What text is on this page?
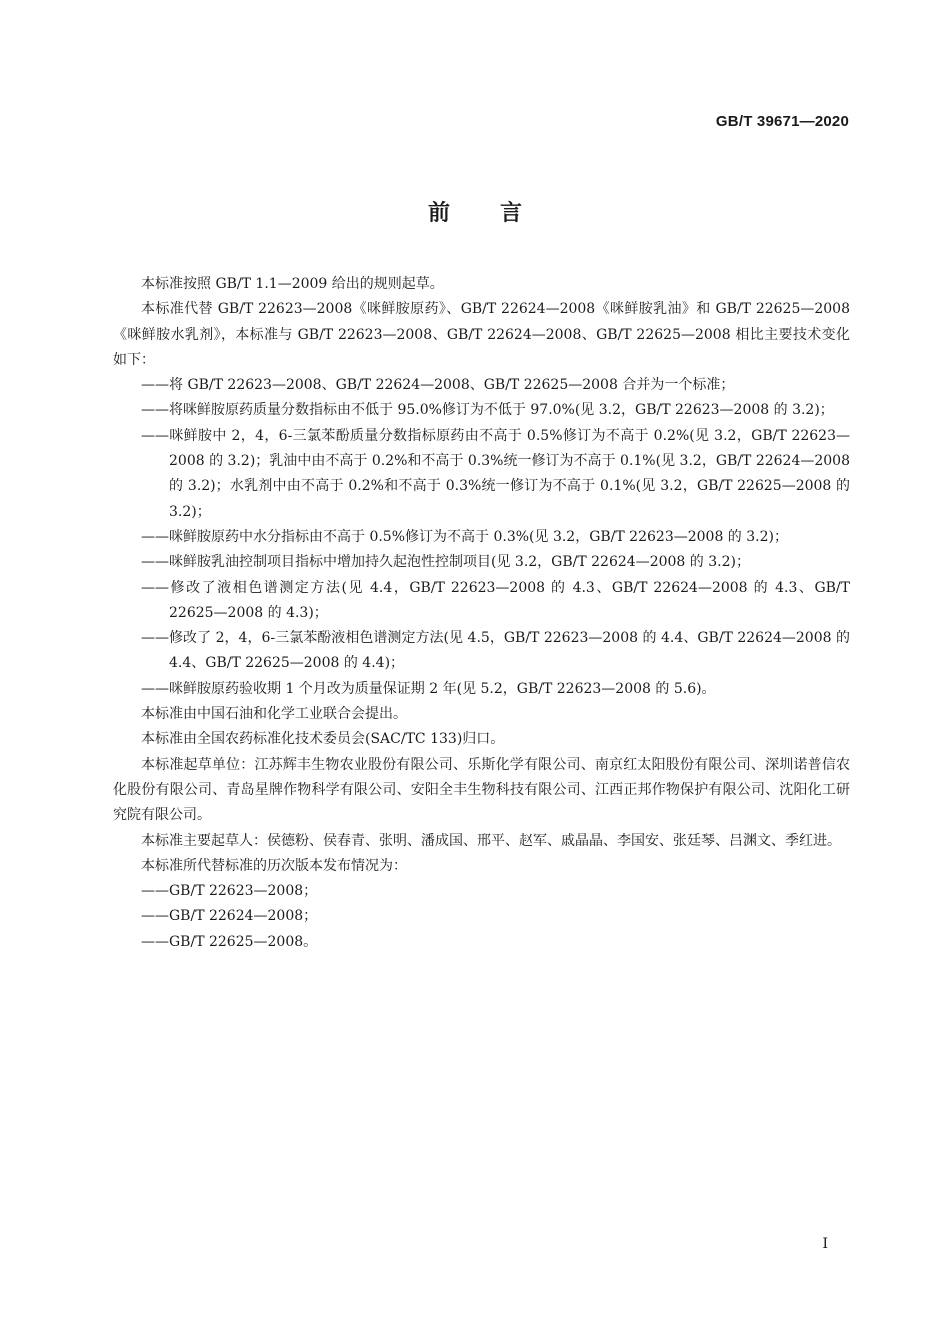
GB/T 39671—2020
前言

本标准按照 GB/T 1.1—2009 给出的规则起草。

本标准代替 GB/T 22623—2008《咪鲜胺原药》、GB/T 22624—2008《咪鲜胺乳油》和 GB/T 22625—2008《咪鲜胺水乳剂》，本标准与 GB/T 22623—2008、GB/T 22624—2008、GB/T 22625—2008 相比主要技术变化如下：

——将 GB/T 22623—2008、GB/T 22624—2008、GB/T 22625—2008 合并为一个标准；

——将咪鲜胺原药质量分数指标由不低于 95.0%修订为不低于 97.0%(见 3.2，GB/T 22623—2008 的 3.2)；

——咪鲜胺中 2，4，6-三氯苯酚质量分数指标原药由不高于 0.5%修订为不高于 0.2%(见 3.2，GB/T 22623—2008 的 3.2)；乳油中由不高于 0.2%和不高于 0.3%统一修订为不高于 0.1%(见 3.2，GB/T 22624—2008 的 3.2)；水乳剂中由不高于 0.2%和不高于 0.3%统一修订为不高于 0.1%(见 3.2，GB/T 22625—2008 的 3.2)；

——咪鲜胺原药中水分指标由不高于 0.5%修订为不高于 0.3%(见 3.2，GB/T 22623—2008 的 3.2)；

——咪鲜胺乳油控制项目指标中增加持久起泡性控制项目(见 3.2，GB/T 22624—2008 的 3.2)；

——修改了液相色谱测定方法(见 4.4，GB/T 22623—2008 的 4.3、GB/T 22624—2008 的 4.3、GB/T 22625—2008 的 4.3)；

——修改了 2，4，6-三氯苯酚液相色谱测定方法(见 4.5，GB/T 22623—2008 的 4.4、GB/T 22624—2008 的 4.4、GB/T 22625—2008 的 4.4)；

——咪鲜胺原药验收期 1 个月改为质量保证期 2 年(见 5.2，GB/T 22623—2008 的 5.6)。

本标准由中国石油和化学工业联合会提出。

本标准由全国农药标准化技术委员会(SAC/TC 133)归口。

本标准起草单位：江苏辉丰生物农业股份有限公司、乐斯化学有限公司、南京红太阳股份有限公司、深圳诺普信农化股份有限公司、青岛星牌作物科学有限公司、安阳全丰生物科技有限公司、江西正邦作物保护有限公司、沈阳化工研究院有限公司。

本标准主要起草人：侯德粉、侯春青、张明、潘成国、邢平、赵军、戚晶晶、李国安、张廷琴、吕渊文、季红进。

本标准所代替标准的历次版本发布情况为：

——GB/T 22623—2008；

——GB/T 22624—2008；

——GB/T 22625—2008。

I
